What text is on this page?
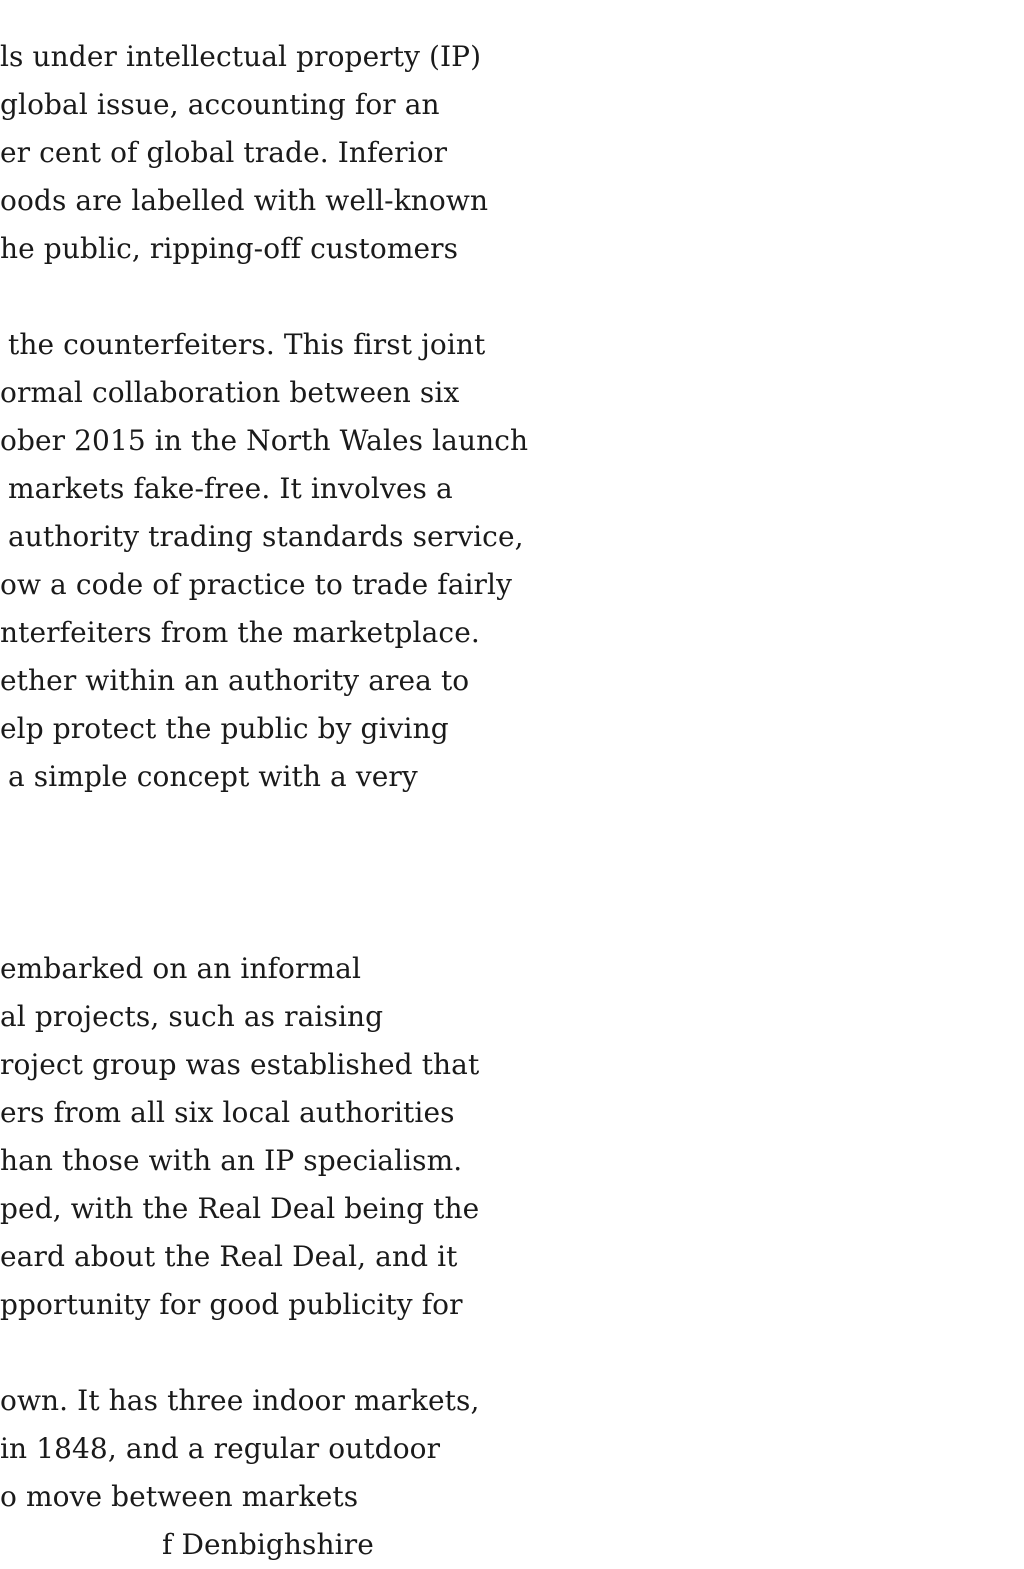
ls under intellectual property (IP)
global issue, accounting for an
er cent of global trade. Inferior
oods are labelled with well-known
he public, ripping-off customers
the counterfeiters. This first joint
ormal collaboration between six
ober 2015 in the North Wales launch
markets fake-free. It involves a
authority trading standards service,
ow a code of practice to trade fairly
nterfeiters from the marketplace.
ether within an authority area to
elp protect the public by giving
a simple concept with a very
embarked on an informal
al projects, such as raising
roject group was established that
ers from all six local authorities
han those with an IP specialism.
ped, with the Real Deal being the
eard about the Real Deal, and it
pportunity for good publicity for
own. It has three indoor markets,
in 1848, and a regular outdoor
o move between markets
f Denbighshire
